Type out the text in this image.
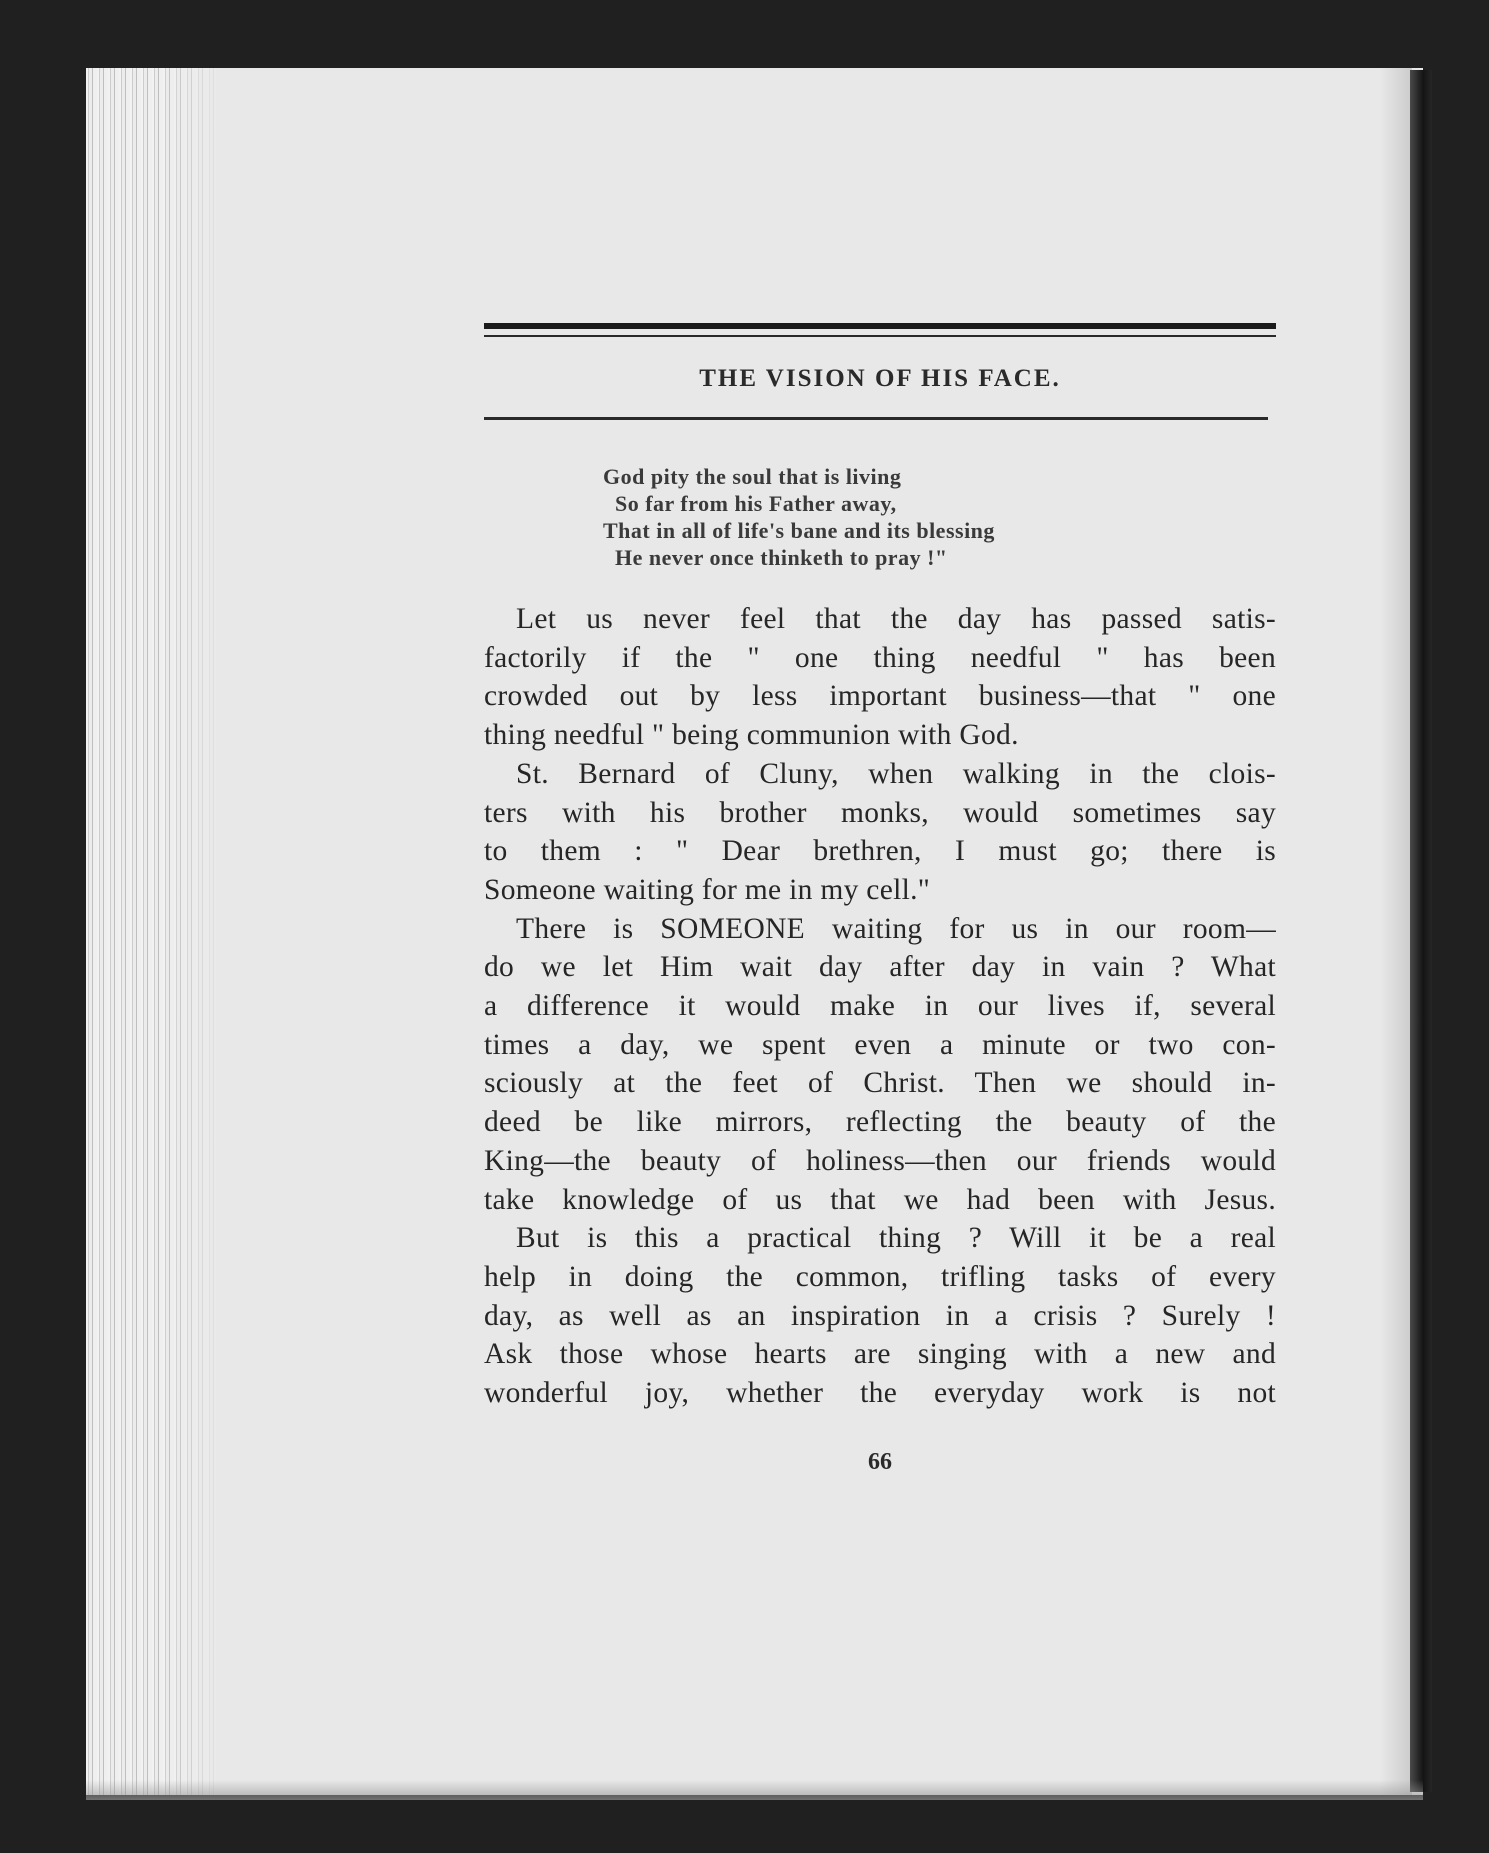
THE VISION OF HIS FACE.
God pity the soul that is living
So far from his Father away,
That in all of life's bane and its blessing
He never once thinketh to pray !"
Let us never feel that the day has passed satis-
factorily if the " one thing needful " has been
crowded out by less important business—that " one
thing needful " being communion with God.
St. Bernard of Cluny, when walking in the clois-
ters with his brother monks, would sometimes say
to them : " Dear brethren, I must go; there is
Someone waiting for me in my cell."
There is SOMEONE waiting for us in our room—
do we let Him wait day after day in vain ? What
a difference it would make in our lives if, several
times a day, we spent even a minute or two con-
sciously at the feet of Christ. Then we should in-
deed be like mirrors, reflecting the beauty of the
King—the beauty of holiness—then our friends would
take knowledge of us that we had been with Jesus.
But is this a practical thing ? Will it be a real
help in doing the common, trifling tasks of every
day, as well as an inspiration in a crisis ? Surely !
Ask those whose hearts are singing with a new and
wonderful joy, whether the everyday work is not
66
